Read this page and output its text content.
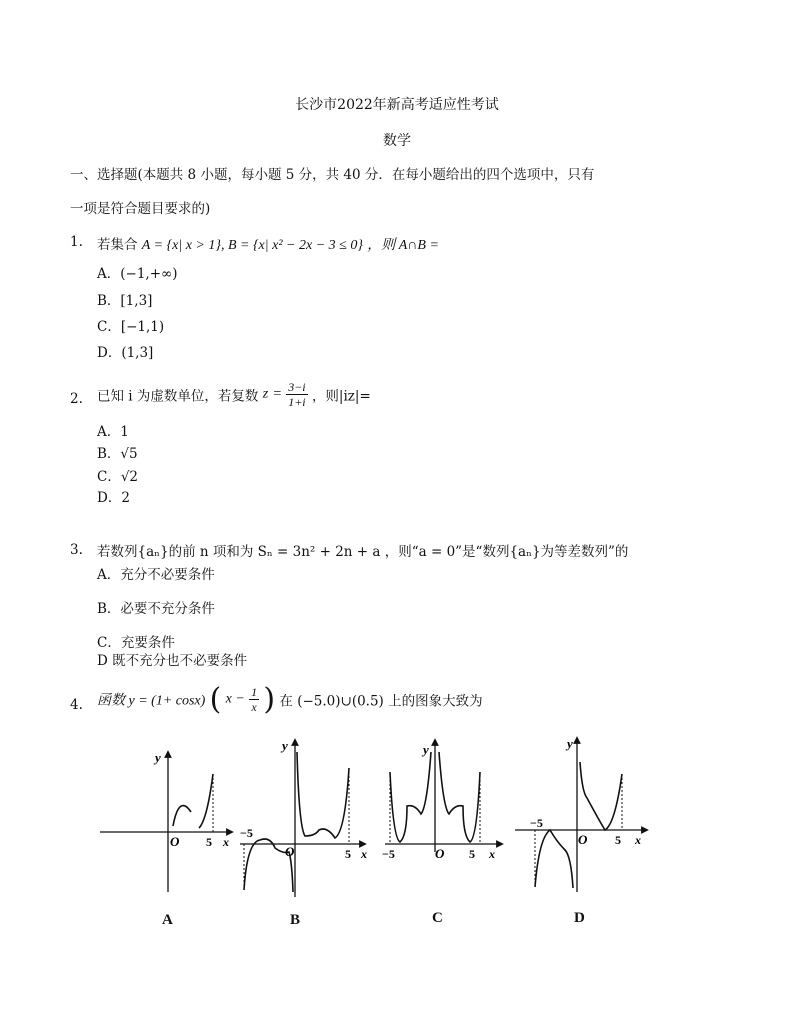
长沙市2022年新高考适应性考试
数学
一、选择题(本题共 8 小题，每小题 5 分，共 40 分．在每小题给出的四个选项中，只有
一项是符合题目要求的)
1. 若集合 A = {x| x > 1}, B = {x| x² − 2x − 3 ≤ 0} ，则 A∩B =
A．(−1,+∞)
B．[1,3]
C．[−1,1)
D．(1,3]
2. 已知 i 为虚数单位，若复数 $z = \frac{3-i}{1+i}$ ，则|iz|=
A．1
B．√5
C．√2
D．2
3. 若数列{aₙ}的前 n 项和为 Sₙ = 3n² + 2n + a ，则“a = 0”是“数列{aₙ}为等差数列”的
A．充分不必要条件
B．必要不充分条件
C．充要条件
D 既不充分也不必要条件
4. 函数 y = (1+ cosx) ( $x - \frac{1}{x}$ ) 在 (−5.0)∪(0.5) 上的图象大致为
y
O 5 x
y
−5
O	5 x
y
−5	O 5 x
y
−5
O 5 x
A	B	C	D
